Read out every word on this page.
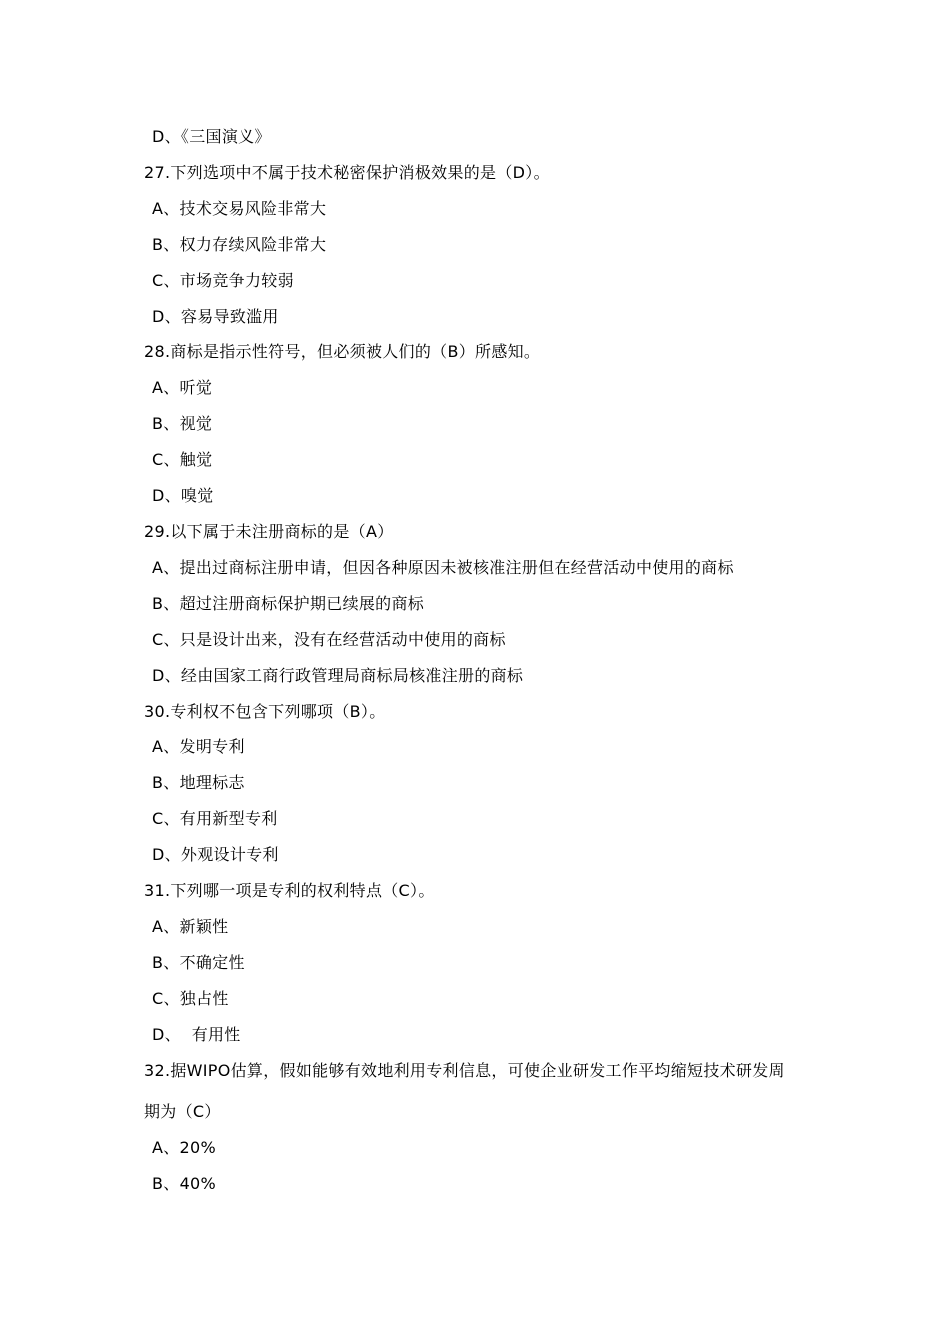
D、《三国演义》
27.下列选项中不属于技术秘密保护消极效果的是（D）。
A、技术交易风险非常大
B、权力存续风险非常大
C、市场竞争力较弱
D、容易导致滥用
28.商标是指示性符号，但必须被人们的（B）所感知。
A、听觉
B、视觉
C、触觉
D、嗅觉
29.以下属于未注册商标的是（A）
A、提出过商标注册申请，但因各种原因未被核准注册但在经营活动中使用的商标
B、超过注册商标保护期已续展的商标
C、只是设计出来，没有在经营活动中使用的商标
D、经由国家工商行政管理局商标局核准注册的商标
30.专利权不包含下列哪项（B）。
A、发明专利
B、地理标志
C、有用新型专利
D、外观设计专利
31.下列哪一项是专利的权利特点（C）。
A、新颖性
B、不确定性
C、独占性
D、  有用性
32.据WIPO估算，假如能够有效地利用专利信息，可使企业研发工作平均缩短技术研发周
期为（C）
A、20%
B、40%
